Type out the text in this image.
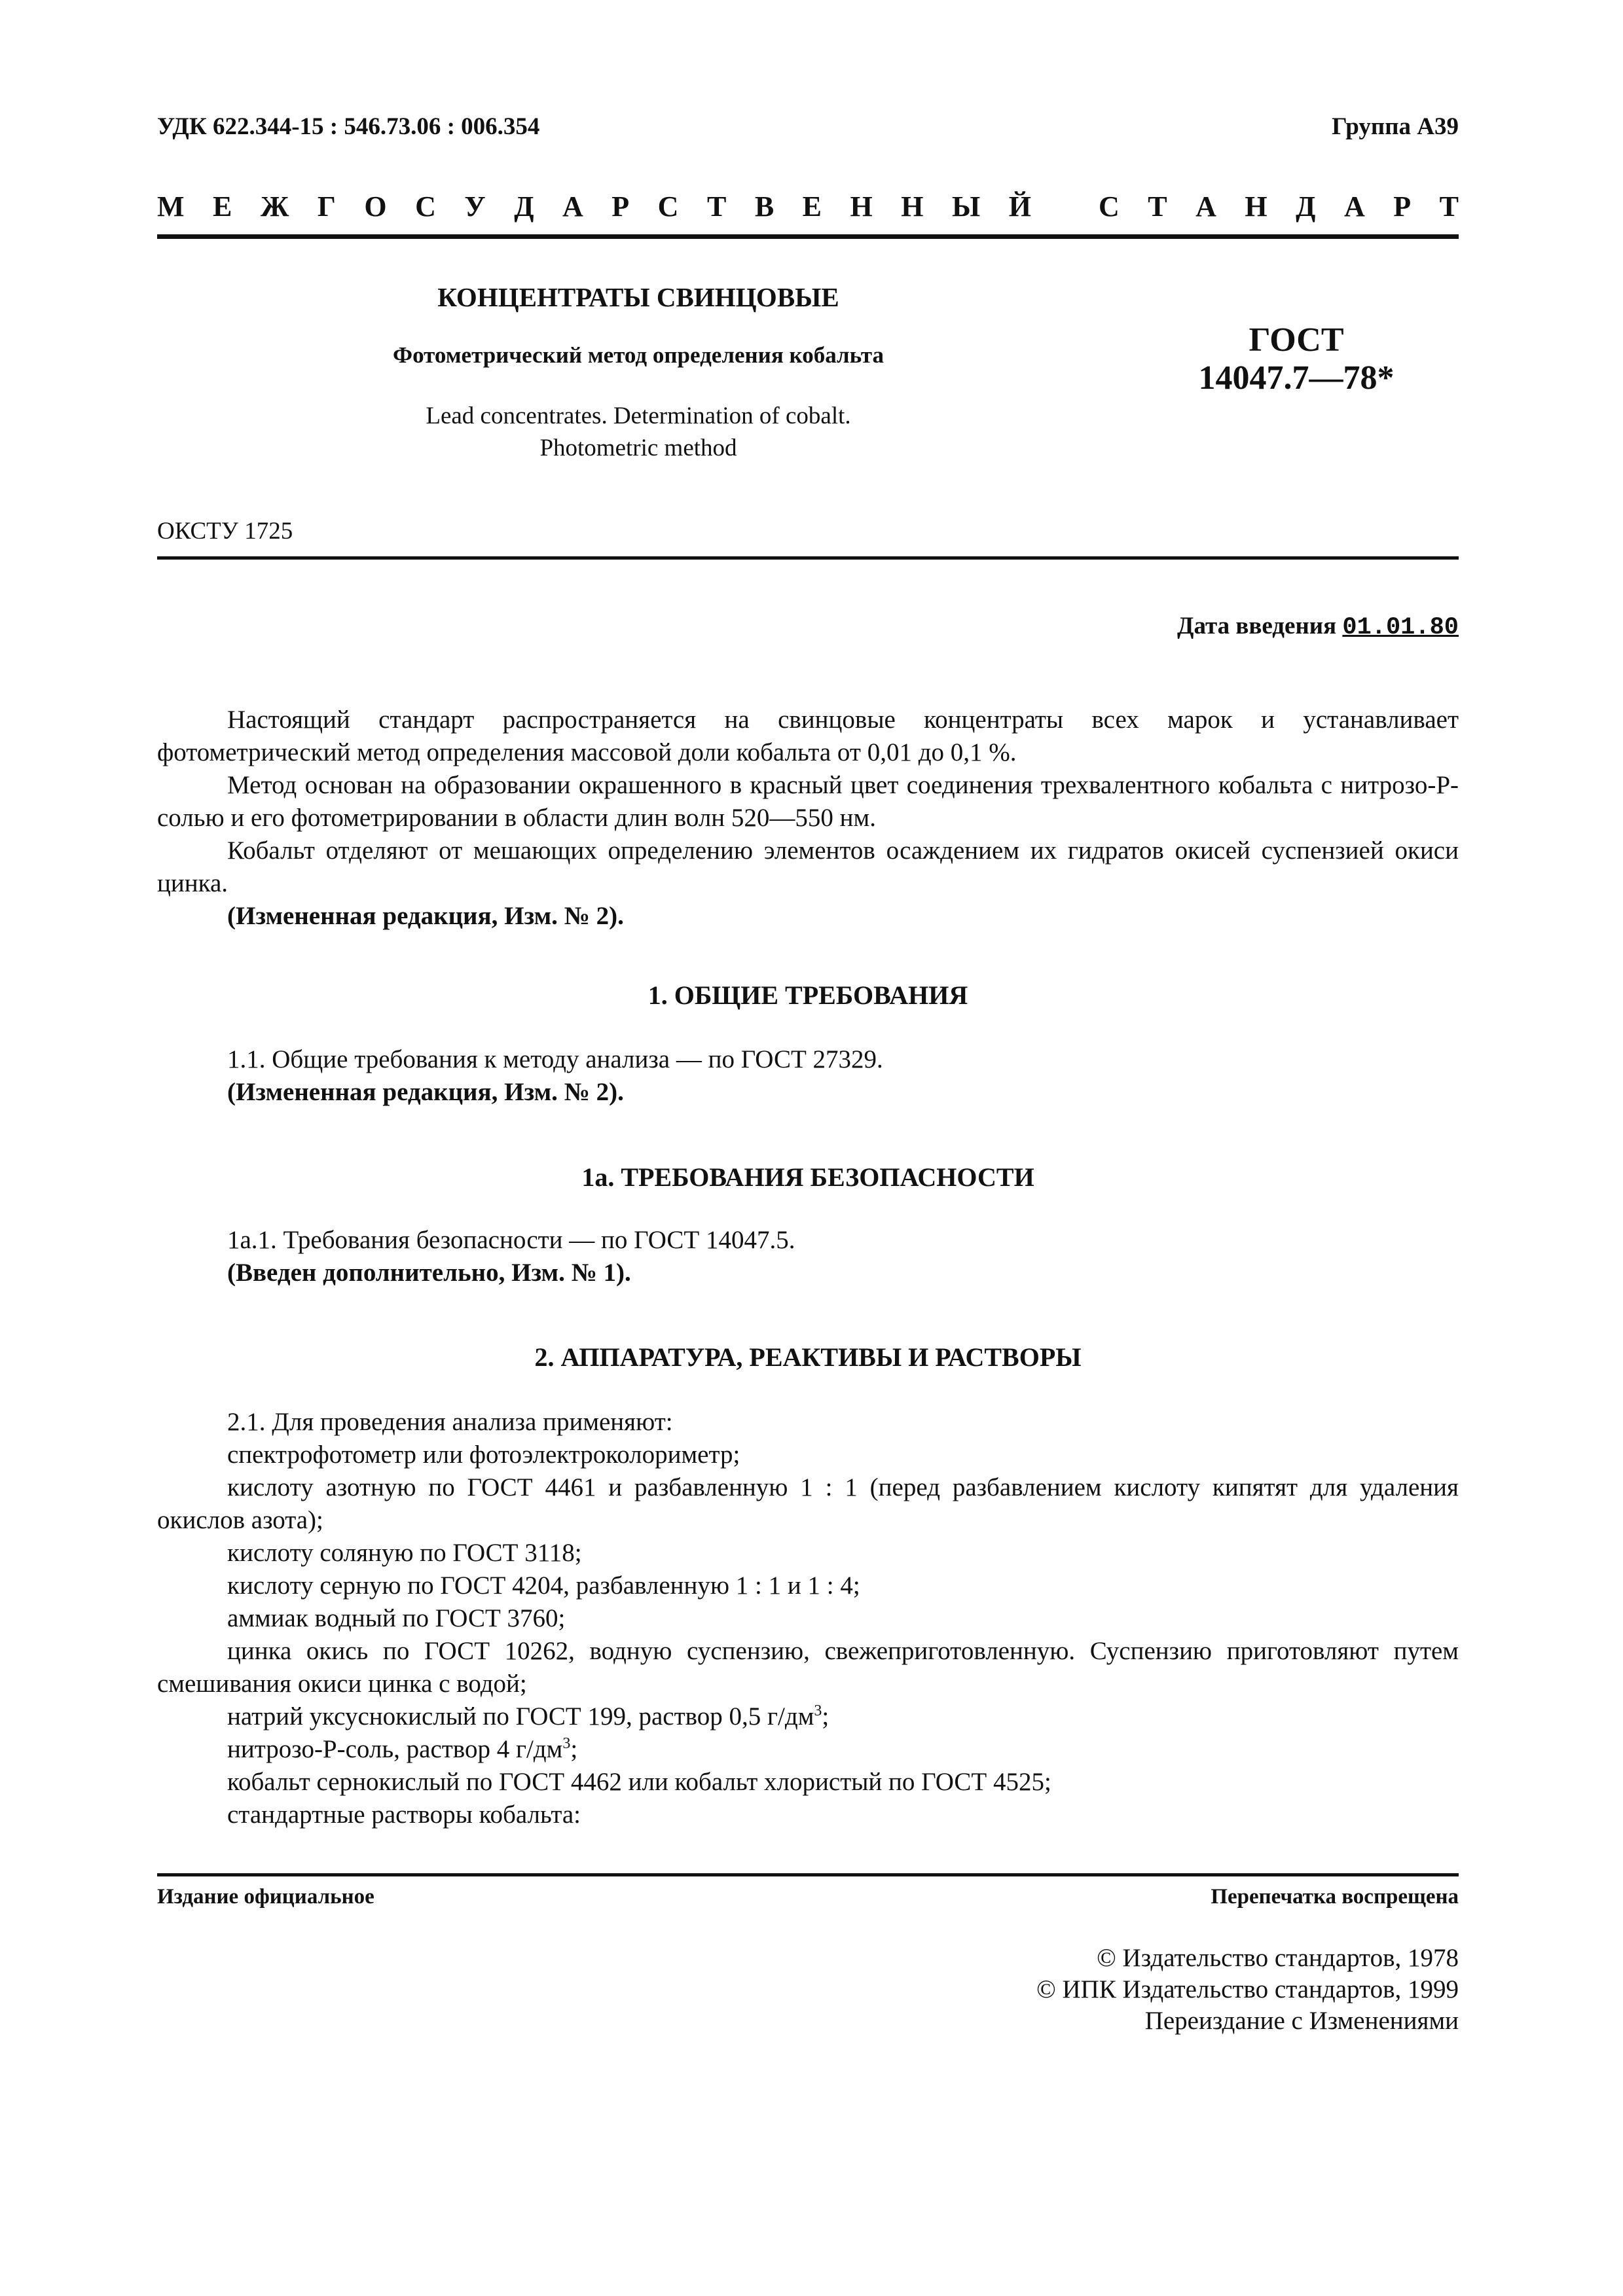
УДК 622.344-15 : 546.73.06 : 006.354	Группа А39
М Е Ж Г О С У Д А Р С Т В Е Н Н Ы Й С Т А Н Д А Р Т
КОНЦЕНТРАТЫ СВИНЦОВЫЕ
Фотометрический метод определения кобальта
Lead concentrates. Determination of cobalt.
Photometric method
ГОСТ
14047.7—78*
ОКСТУ 1725
Дата введения 01.01.80

Настоящий стандарт распространяется на свинцовые концентраты всех марок и устанавливает фотометрический метод определения массовой доли кобальта от 0,01 до 0,1 %.

Метод основан на образовании окрашенного в красный цвет соединения трехвалентного кобальта с нитрозо-Р-солью и его фотометрировании в области длин волн 520—550 нм.

Кобальт отделяют от мешающих определению элементов осаждением их гидратов окисей суспензией окиси цинка.

(Измененная редакция, Изм. № 2).

1. ОБЩИЕ ТРЕБОВАНИЯ

1.1. Общие требования к методу анализа — по ГОСТ 27329.

(Измененная редакция, Изм. № 2).

1а. ТРЕБОВАНИЯ БЕЗОПАСНОСТИ

1а.1. Требования безопасности — по ГОСТ 14047.5.

(Введен дополнительно, Изм. № 1).

2. АППАРАТУРА, РЕАКТИВЫ И РАСТВОРЫ

2.1. Для проведения анализа применяют:

спектрофотометр или фотоэлектроколориметр;

кислоту азотную по ГОСТ 4461 и разбавленную 1 : 1 (перед разбавлением кислоту кипятят для удаления окислов азота);

кислоту соляную по ГОСТ 3118;

кислоту серную по ГОСТ 4204, разбавленную 1 : 1 и 1 : 4;

аммиак водный по ГОСТ 3760;

цинка окись по ГОСТ 10262, водную суспензию, свежеприготовленную. Суспензию приготовляют путем смешивания окиси цинка с водой;

натрий уксуснокислый по ГОСТ 199, раствор 0,5 $г/дм^3$;

нитрозо-Р-соль, раствор 4 $г/дм^3$;

кобальт сернокислый по ГОСТ 4462 или кобальт хлористый по ГОСТ 4525;

стандартные растворы кобальта:

Издание официальное	Перепечатка воспрещена
© Издательство стандартов, 1978
© ИПК Издательство стандартов, 1999
Переиздание с Изменениями
